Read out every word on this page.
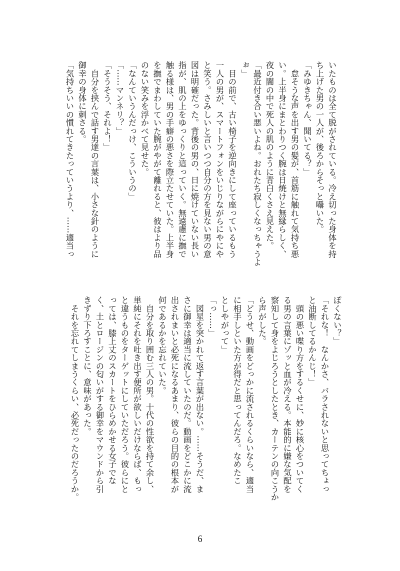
いたものは全て脱がされている。冷え切った身体を持
ち上げた男の一人が、後ろからそっと囁いた。
「みゆきちゃん、聞いてる？」
　怠そうな声を出す男の髪が、首筋に触れて気持ち悪
い。上半身にまとわりつく腕は日焼けと無縁らしく、
夜の闇の中で死人の肌のように青白くさえ見えた。
「最近付き合い悪いよね。おれたち寂しくなっちゃうよ
ぉ」
　目の前で、古い椅子を逆向きにして座っているもう
一人の男が、スマートフォンをいじりながらにやにや
と笑う。さみしいと言いつつ自分の方を見ない男の意
図は明確だった。背後の男の、日に焼けていない長い
指が、肌の上をゆっくりと這っていく。無遠慮に撫で
触る様は、男の手癖の悪さを際立たせていた。上半身
を撫でまわしていた腕がやがて離れると、彼はより品
のない笑みを浮かべて見せた。
「なんていうんだっけ、こういうの」
「……マンネリ？」
「そうそう、それよ！」
　自分を挟んで話す男達の言葉は、小さな針のように
御幸の身体に刺さる。
「気持ちいいの慣れてきたっていうより、……適当っ
ぽくない？」
「それな！　なんかさ、バラされないと思ってちょっ
と油断してるかんじ！」
　頭の悪い喋り方をするくせに、妙に核心をついてく
る男の言葉にゾッと血が冷える。本能的に嫌な気配を
察知して身をよじろうとしたとき、カーテンの向こうか
ら声がした。
「どうせ、動画をどっかに流されるくらいなら、適当
に相手しといた方が得だと思ってんだろ。なめたこ
としやがって」
「っ……」
　図星を突かれて返す言葉が出ない。……そうだ、ま
さに御幸は適当に流していたのだ。動画をどこかに流
出されまいと必死になるあまり、彼らの目的の根本が
何であるかを忘れていた。
　自分を取り囲む三人の男。十代の性欲を持て余し、
単純にそれを吐き出す便所が欲しいだけならば、もっ
と違うものをターゲットにしていただろう。彼らにと
っては、膝上丈のスカートをひらめかせる女子でな
く、土とロージンの匂いがする御幸をマウンドから引
きずり下ろすことに、意味があった。
　それを忘れてしまうくらい、必死だったのだろうか。
6
